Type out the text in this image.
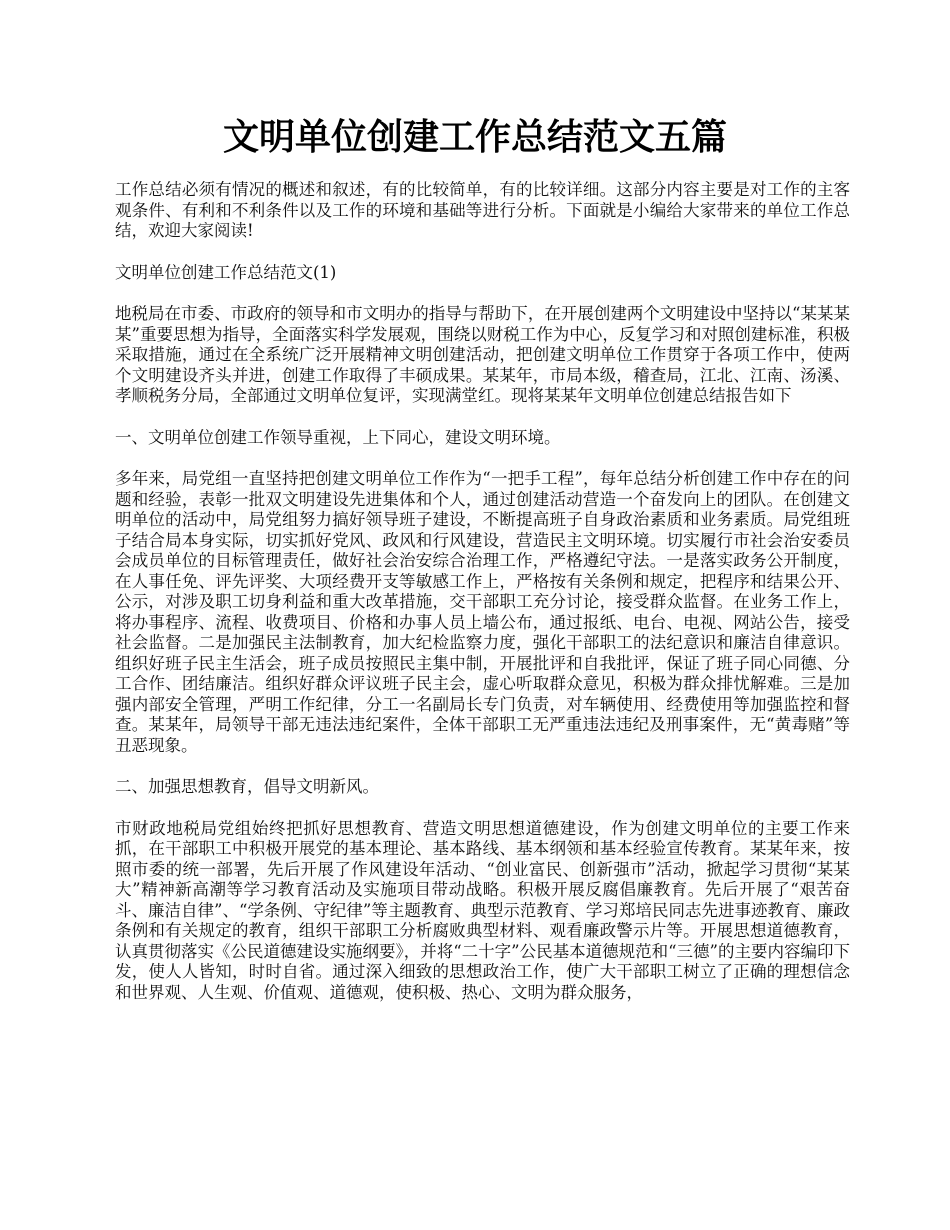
文明单位创建工作总结范文五篇

工作总结必须有情况的概述和叙述，有的比较简单，有的比较详细。这部分内容主要是对工作的主客观条件、有利和不利条件以及工作的环境和基础等进行分析。下面就是小编给大家带来的单位工作总结，欢迎大家阅读!

文明单位创建工作总结范文(1)

地税局在市委、市政府的领导和市文明办的指导与帮助下，在开展创建两个文明建设中坚持以“某某某某”重要思想为指导，全面落实科学发展观，围绕以财税工作为中心，反复学习和对照创建标准，积极采取措施，通过在全系统广泛开展精神文明创建活动，把创建文明单位工作贯穿于各项工作中，使两个文明建设齐头并进，创建工作取得了丰硕成果。某某年，市局本级，稽查局，江北、江南、汤溪、孝顺税务分局，全部通过文明单位复评，实现满堂红。现将某某年文明单位创建总结报告如下

一、文明单位创建工作领导重视，上下同心，建设文明环境。

多年来，局党组一直坚持把创建文明单位工作作为“一把手工程”，每年总结分析创建工作中存在的问题和经验，表彰一批双文明建设先进集体和个人，通过创建活动营造一个奋发向上的团队。在创建文明单位的活动中，局党组努力搞好领导班子建设，不断提高班子自身政治素质和业务素质。局党组班子结合局本身实际，切实抓好党风、政风和行风建设，营造民主文明环境。切实履行市社会治安委员会成员单位的目标管理责任，做好社会治安综合治理工作，严格遵纪守法。一是落实政务公开制度，在人事任免、评先评奖、大项经费开支等敏感工作上，严格按有关条例和规定，把程序和结果公开、公示，对涉及职工切身利益和重大改革措施，交干部职工充分讨论，接受群众监督。在业务工作上，将办事程序、流程、收费项目、价格和办事人员上墙公布，通过报纸、电台、电视、网站公告，接受社会监督。二是加强民主法制教育，加大纪检监察力度，强化干部职工的法纪意识和廉洁自律意识。组织好班子民主生活会，班子成员按照民主集中制，开展批评和自我批评，保证了班子同心同德、分工合作、团结廉洁。组织好群众评议班子民主会，虚心听取群众意见，积极为群众排忧解难。三是加强内部安全管理，严明工作纪律，分工一名副局长专门负责，对车辆使用、经费使用等加强监控和督查。某某年，局领导干部无违法违纪案件，全体干部职工无严重违法违纪及刑事案件，无“黄毒赌”等丑恶现象。

二、加强思想教育，倡导文明新风。

市财政地税局党组始终把抓好思想教育、营造文明思想道德建设，作为创建文明单位的主要工作来抓，在干部职工中积极开展党的基本理论、基本路线、基本纲领和基本经验宣传教育。某某年来，按照市委的统一部署，先后开展了作风建设年活动、“创业富民、创新强市”活动，掀起学习贯彻“某某大”精神新高潮等学习教育活动及实施项目带动战略。积极开展反腐倡廉教育。先后开展了“艰苦奋斗、廉洁自律”、“学条例、守纪律”等主题教育、典型示范教育、学习郑培民同志先进事迹教育、廉政条例和有关规定的教育，组织干部职工分析腐败典型材料、观看廉政警示片等。开展思想道德教育，认真贯彻落实《公民道德建设实施纲要》，并将“二十字”公民基本道德规范和“三德”的主要内容编印下发，使人人皆知，时时自省。通过深入细致的思想政治工作，使广大干部职工树立了正确的理想信念和世界观、人生观、价值观、道德观，使积极、热心、文明为群众服务，
